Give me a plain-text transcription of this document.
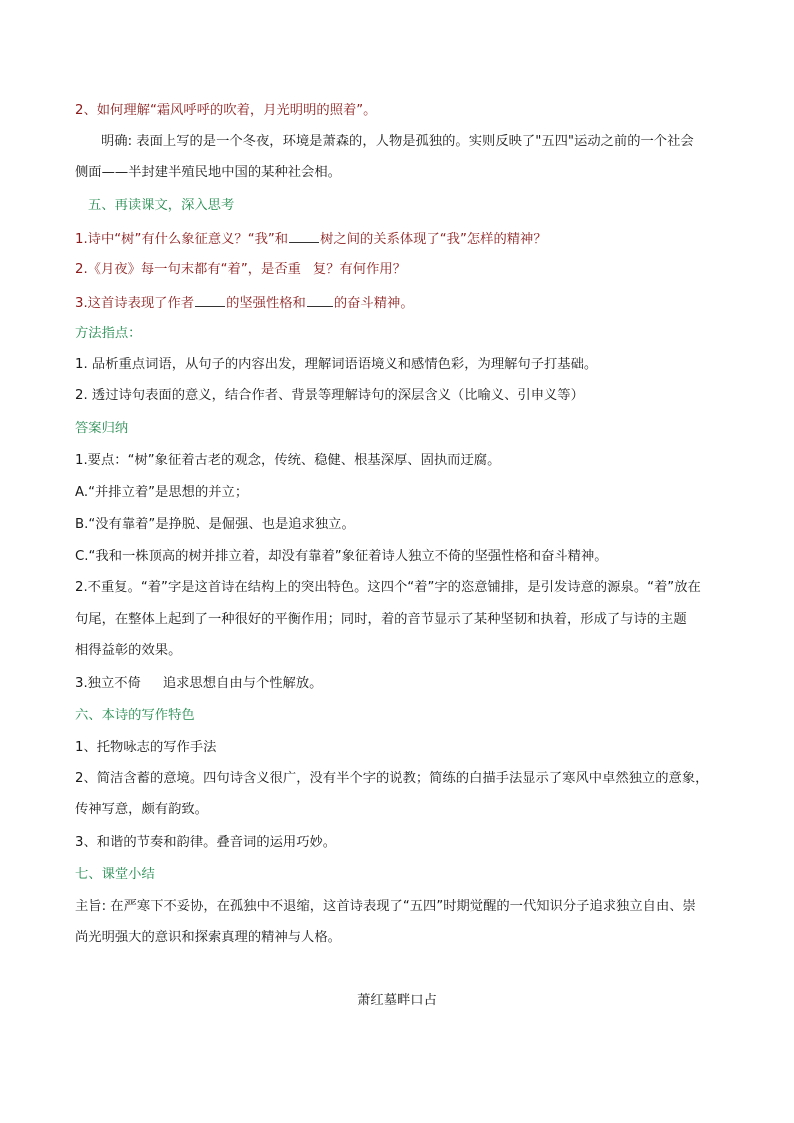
2、如何理解“霜风呼呼的吹着，月光明明的照着”。
明确: 表面上写的是一个冬夜，环境是萧森的，人物是孤独的。实则反映了"五四"运动之前的一个社会
侧面——半封建半殖民地中国的某种社会相。
五、再读课文，深入思考
1.诗中“树”有什么象征意义？“我”和 树之间的关系体现了“我”怎样的精神？
2.《月夜》每一句末都有“着”，是否重 复？有何作用？
3.这首诗表现了作者 的坚强性格和 的奋斗精神。
方法指点：
1. 品析重点词语，从句子的内容出发，理解词语语境义和感情色彩，为理解句子打基础。
2. 透过诗句表面的意义，结合作者、背景等理解诗句的深层含义（比喻义、引申义等）
答案归纳
1.要点：“树”象征着古老的观念，传统、稳健、根基深厚、固执而迂腐。
A.“并排立着”是思想的并立；
B.“没有靠着”是挣脱、是倔强、也是追求独立。
C.“我和一株顶高的树并排立着，却没有靠着”象征着诗人独立不倚的坚强性格和奋斗精神。
2.不重复。“着”字是这首诗在结构上的突出特色。这四个“着”字的恣意铺排，是引发诗意的源泉。“着”放在
句尾，在整体上起到了一种很好的平衡作用；同时，着的音节显示了某种坚韧和执着，形成了与诗的主题
相得益彰的效果。
3.独立不倚 追求思想自由与个性解放。
六、本诗的写作特色
1、托物咏志的写作手法
2、简洁含蓄的意境。四句诗含义很广，没有半个字的说教；简练的白描手法显示了寒风中卓然独立的意象，
传神写意，颇有韵致。
3、和谐的节奏和韵律。叠音词的运用巧妙。
七、课堂小结
主旨: 在严寒下不妥协，在孤独中不退缩，这首诗表现了“五四”时期觉醒的一代知识分子追求独立自由、崇
尚光明强大的意识和探索真理的精神与人格。
萧红墓畔口占
